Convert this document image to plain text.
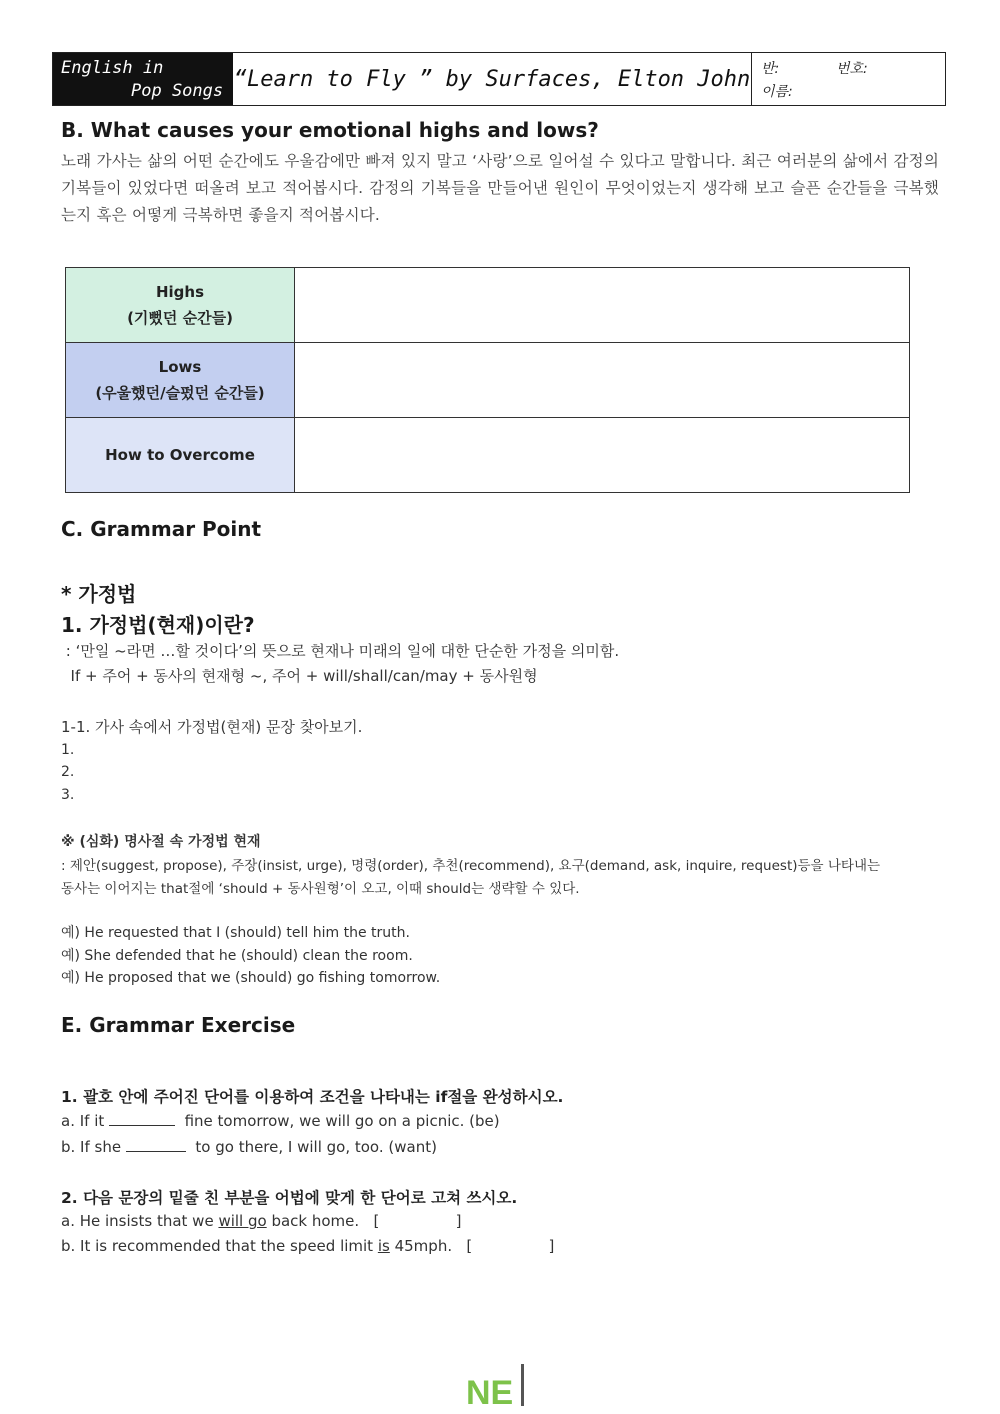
English in
Pop Songs “Learn to Fly ” by Surfaces, Elton John 반:	번호:
이름:
B. What causes your emotional highs and lows?
노래 가사는 삶의 어떤 순간에도 우울감에만 빠져 있지 말고 ‘사랑’으로 일어설 수 있다고 말합니다. 최근 여러분의 삶에서 감정의 기복들이 있었다면 떠올려 보고 적어봅시다. 감정의 기복들을 만들어낸 원인이 무엇이었는지 생각해 보고 슬픈 순간들을 극복했는지 혹은 어떻게 극복하면 좋을지 적어봅시다.
Highs
(기뻤던 순간들)	

Lows
(우울했던/슬펐던 순간들)	

How to Overcome	

C. Grammar Point
* 가정법
1. 가정법(현재)이란?
: ‘만일 ~라면 …할 것이다’의 뜻으로 현재나 미래의 일에 대한 단순한 가정을 의미함.
If + 주어 + 동사의 현재형 ~, 주어 + will/shall/can/may + 동사원형
1-1. 가사 속에서 가정법(현재) 문장 찾아보기.
1.
2.
3.
※ (심화) 명사절 속 가정법 현재
: 제안(suggest, propose), 주장(insist, urge), 명령(order), 추천(recommend), 요구(demand, ask, inquire, request)등을 나타내는
동사는 이어지는 that절에 ‘should + 동사원형’이 오고, 이때 should는 생략할 수 있다.
예) He requested that I (should) tell him the truth.
예) She defended that he (should) clean the room.
예) He proposed that we (should) go fishing tomorrow.
E. Grammar Exercise
1. 괄호 안에 주어진 단어를 이용하여 조건을 나타내는 if절을 완성하시오.
a. If it	fine tomorrow, we will go on a picnic. (be)
b. If she	to go there, I will go, too. (want)
2. 다음 문장의 밑줄 친 부분을 어법에 맞게 한 단어로 고쳐 쓰시오.
a. He insists that we will go back home.   [                ]
b. It is recommended that the speed limit is 45mph.   [                ]
NE
